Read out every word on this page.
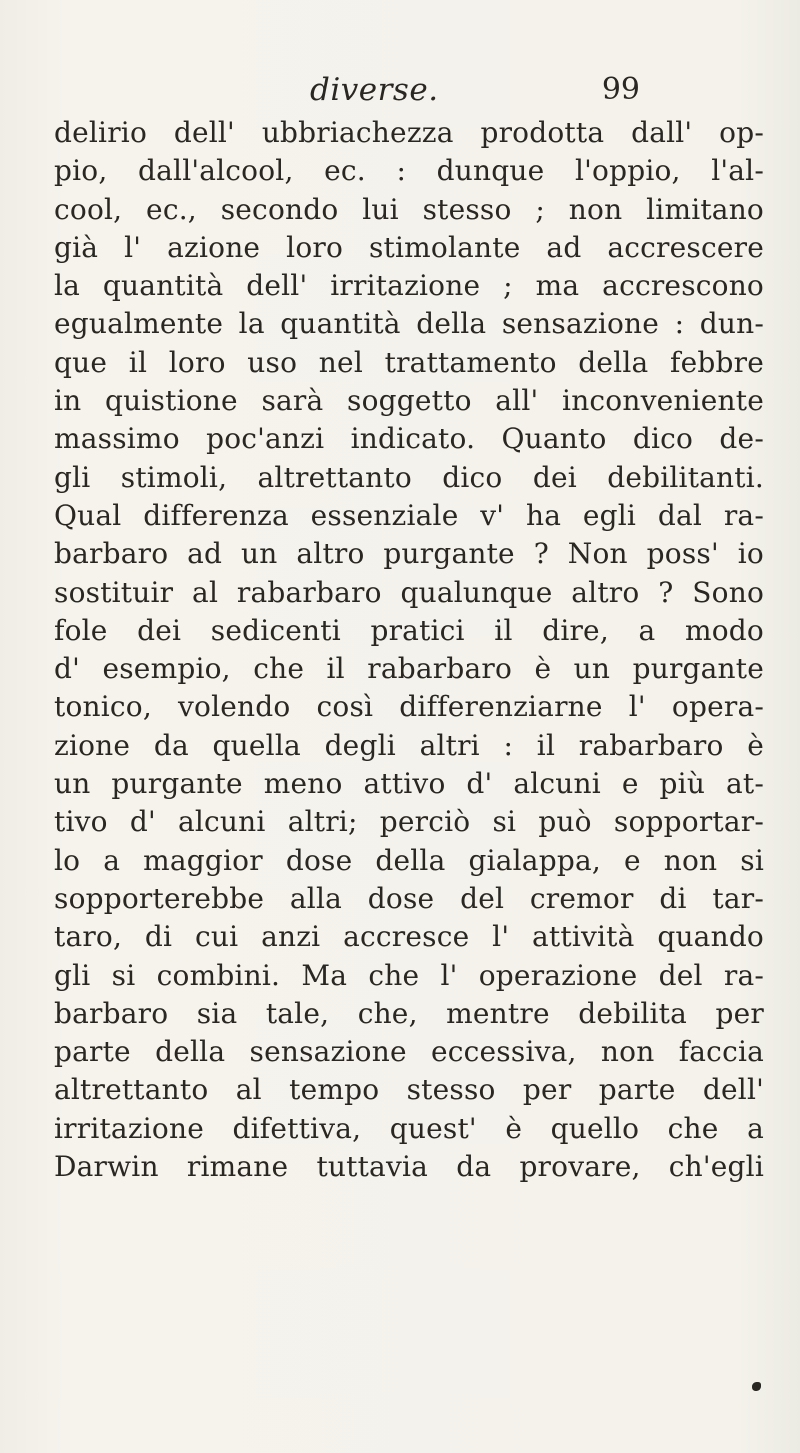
diverse.	99
delirio dell' ubbriachezza prodotta dall' op-
pio, dall'alcool, ec. : dunque l'oppio, l'al-
cool, ec., secondo lui stesso ; non limitano
già l' azione loro stimolante ad accrescere
la quantità dell' irritazione ; ma accrescono
egualmente la quantità della sensazione : dun-
que il loro uso nel trattamento della febbre
in quistione sarà soggetto all' inconveniente
massimo poc'anzi indicato. Quanto dico de-
gli stimoli, altrettanto dico dei debilitanti.
Qual differenza essenziale v' ha egli dal ra-
barbaro ad un altro purgante ? Non poss' io
sostituir al rabarbaro qualunque altro ? Sono
fole dei sedicenti pratici il dire, a modo
d' esempio, che il rabarbaro è un purgante
tonico, volendo così differenziarne l' opera-
zione da quella degli altri : il rabarbaro è
un purgante meno attivo d' alcuni e più at-
tivo d' alcuni altri; perciò si può sopportar-
lo a maggior dose della gialappa, e non si
sopporterebbe alla dose del cremor di tar-
taro, di cui anzi accresce l' attività quando
gli si combini. Ma che l' operazione del ra-
barbaro sia tale, che, mentre debilita per
parte della sensazione eccessiva, non faccia
altrettanto al tempo stesso per parte dell'
irritazione difettiva, quest' è quello che a
Darwin rimane tuttavia da provare, ch'egli
